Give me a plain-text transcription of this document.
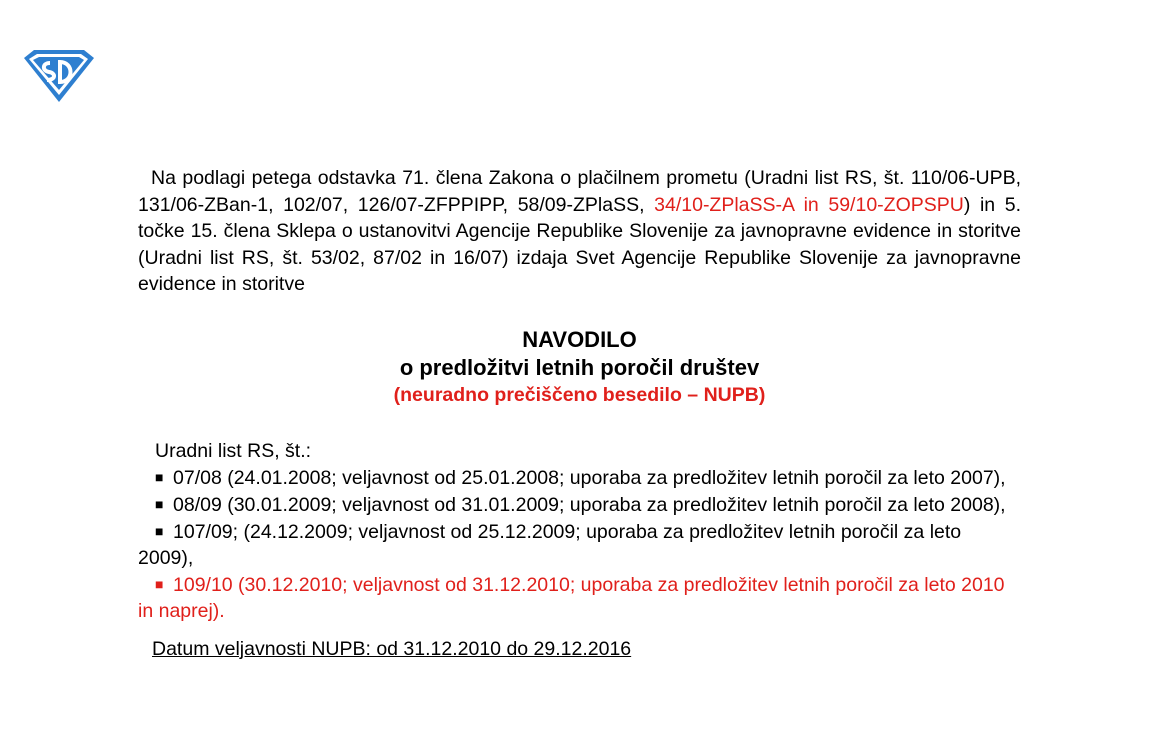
Na podlagi petega odstavka 71. člena Zakona o plačilnem prometu (Uradni list RS, št. 110/06-UPB, 131/06-ZBan-1, 102/07, 126/07-ZFPPIPP, 58/09-ZPlaSS, 34/10-ZPlaSS-A in 59/10-ZOPSPU) in 5. točke 15. člena Sklepa o ustanovitvi Agencije Republike Slovenije za javnopravne evidence in storitve (Uradni list RS, št. 53/02, 87/02 in 16/07) izdaja Svet Agencije Republike Slovenije za javnopravne evidence in storitve

NAVODILO
o predložitvi letnih poročil društev
(neuradno prečiščeno besedilo – NUPB)
Uradni list RS, št.:
■ 07/08 (24.01.2008; veljavnost od 25.01.2008; uporaba za predložitev letnih poročil za leto 2007),
■ 08/09 (30.01.2009; veljavnost od 31.01.2009; uporaba za predložitev letnih poročil za leto 2008),
■ 107/09; (24.12.2009; veljavnost od 25.12.2009; uporaba za predložitev letnih poročil za leto 2009),
■ 109/10 (30.12.2010; veljavnost od 31.12.2010; uporaba za predložitev letnih poročil za leto 2010 in naprej).
Datum veljavnosti NUPB: od 31.12.2010 do 29.12.2016
